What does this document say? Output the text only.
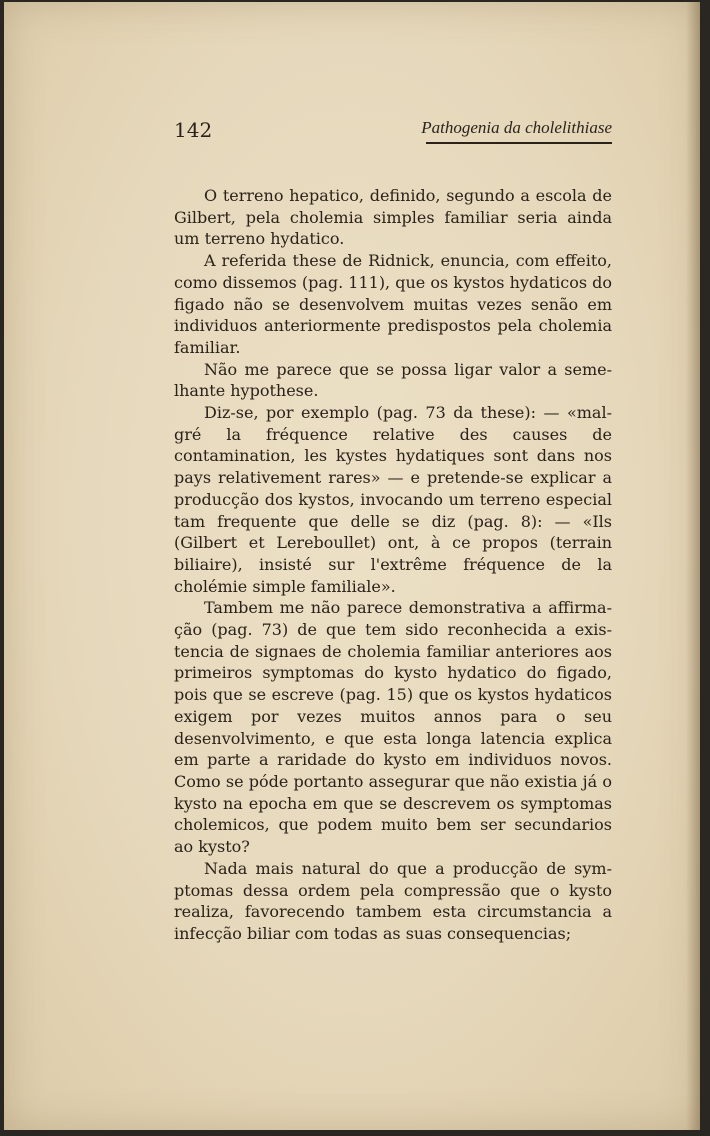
142	Pathogenia da cholelithiase

O terreno hepatico, definido, segundo a escola de Gilbert, pela cholemia simples familiar seria ainda um terreno hydatico.

A referida these de Ridnick, enuncia, com effeito, como dissemos (pag. 111), que os kystos hydaticos do figado não se desenvolvem muitas vezes senão em individuos anteriormente predispostos pela cholemia familiar.

Não me parece que se possa ligar valor a semelhante hypothese.

Diz-se, por exemplo (pag. 73 da these): — «malgré la fréquence relative des causes de contamination, les kystes hydatiques sont dans nos pays relativement rares» — e pretende-se explicar a producção dos kystos, invocando um terreno especial tam frequente que delle se diz (pag. 8): — «Ils (Gilbert et Lereboullet) ont, à ce propos (terrain biliaire), insisté sur l'extrême fréquence de la cholémie simple familiale».

Tambem me não parece demonstrativa a affirmação (pag. 73) de que tem sido reconhecida a existencia de signaes de cholemia familiar anteriores aos primeiros symptomas do kysto hydatico do figado, pois que se escreve (pag. 15) que os kystos hydaticos exigem por vezes muitos annos para o seu desenvolvimento, e que esta longa latencia explica em parte a raridade do kysto em individuos novos. Como se póde portanto assegurar que não existia já o kysto na epocha em que se descrevem os symptomas cholemicos, que podem muito bem ser secundarios ao kysto?

Nada mais natural do que a producção de symptomas dessa ordem pela compressão que o kysto realiza, favorecendo tambem esta circumstancia a infecção biliar com todas as suas consequencias;
